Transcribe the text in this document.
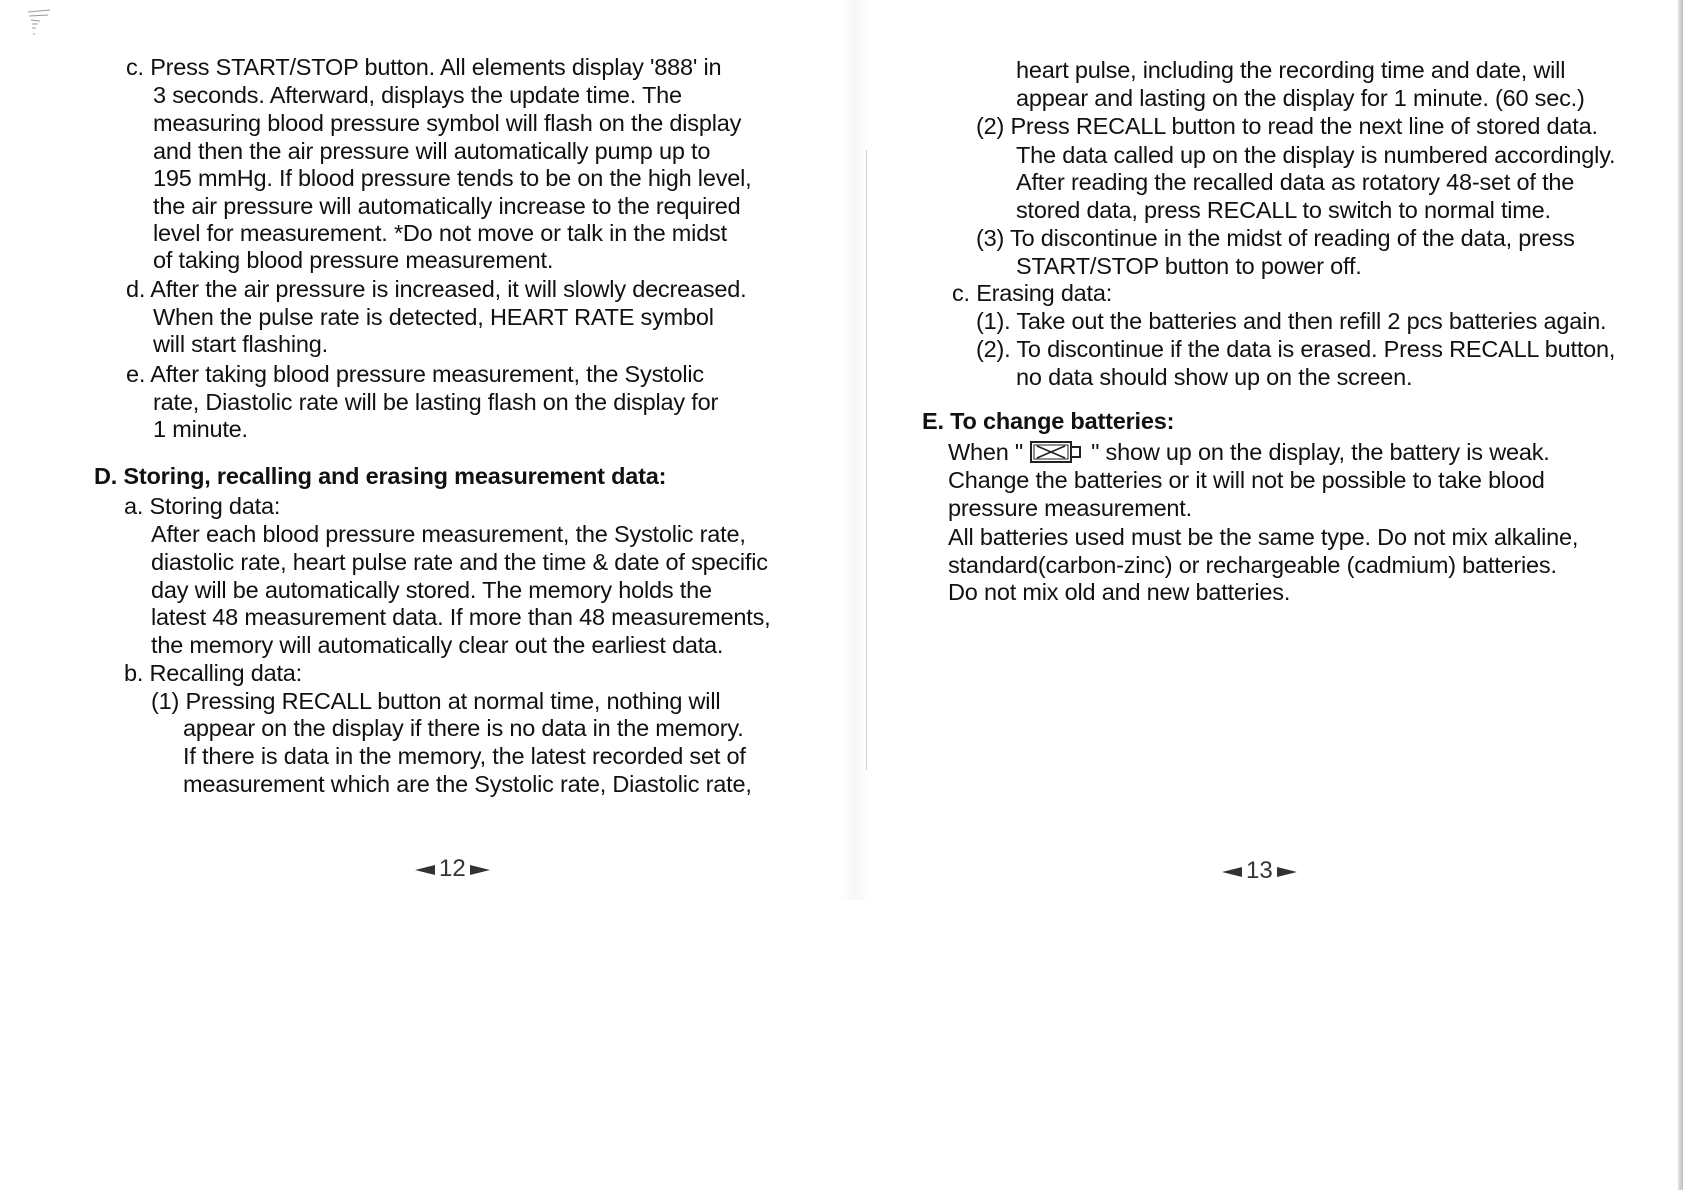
c. Press START/STOP button. All elements display '888' in
3 seconds. Afterward, displays the update time. The
measuring blood pressure symbol will flash on the display
and then the air pressure will automatically pump up to
195 mmHg. If blood pressure tends to be on the high level,
the air pressure will automatically increase to the required
level for measurement. *Do not move or talk in the midst
of taking blood pressure measurement.
d. After the air pressure is increased, it will slowly decreased.
When the pulse rate is detected, HEART RATE symbol
will start flashing.
e. After taking blood pressure measurement, the Systolic
rate, Diastolic rate will be lasting flash on the display for
1 minute.
D. Storing, recalling and erasing measurement data:
a. Storing data:
After each blood pressure measurement, the Systolic rate,
diastolic rate, heart pulse rate and the time & date of specific
day will be automatically stored. The memory holds the
latest 48 measurement data. If more than 48 measurements,
the memory will automatically clear out the earliest data.
b. Recalling data:
(1) Pressing RECALL button at normal time, nothing will
appear on the display if there is no data in the memory.
If there is data in the memory, the latest recorded set of
measurement which are the Systolic rate, Diastolic rate,
12
heart pulse, including the recording time and date, will
appear and lasting on the display for 1 minute. (60 sec.)
(2) Press RECALL button to read the next line of stored data.
The data called up on the display is numbered accordingly.
After reading the recalled data as rotatory 48-set of the
stored data, press RECALL to switch to normal time.
(3) To discontinue in the midst of reading of the data, press
START/STOP button to power off.
c. Erasing data:
(1). Take out the batteries and then refill 2 pcs batteries again.
(2). To discontinue if the data is erased. Press RECALL button,
no data should show up on the screen.
E. To change batteries:
When "	" show up on the display, the battery is weak.
Change the batteries or it will not be possible to take blood
pressure measurement.
All batteries used must be the same type. Do not mix alkaline,
standard(carbon-zinc) or rechargeable (cadmium) batteries.
Do not mix old and new batteries.
13
